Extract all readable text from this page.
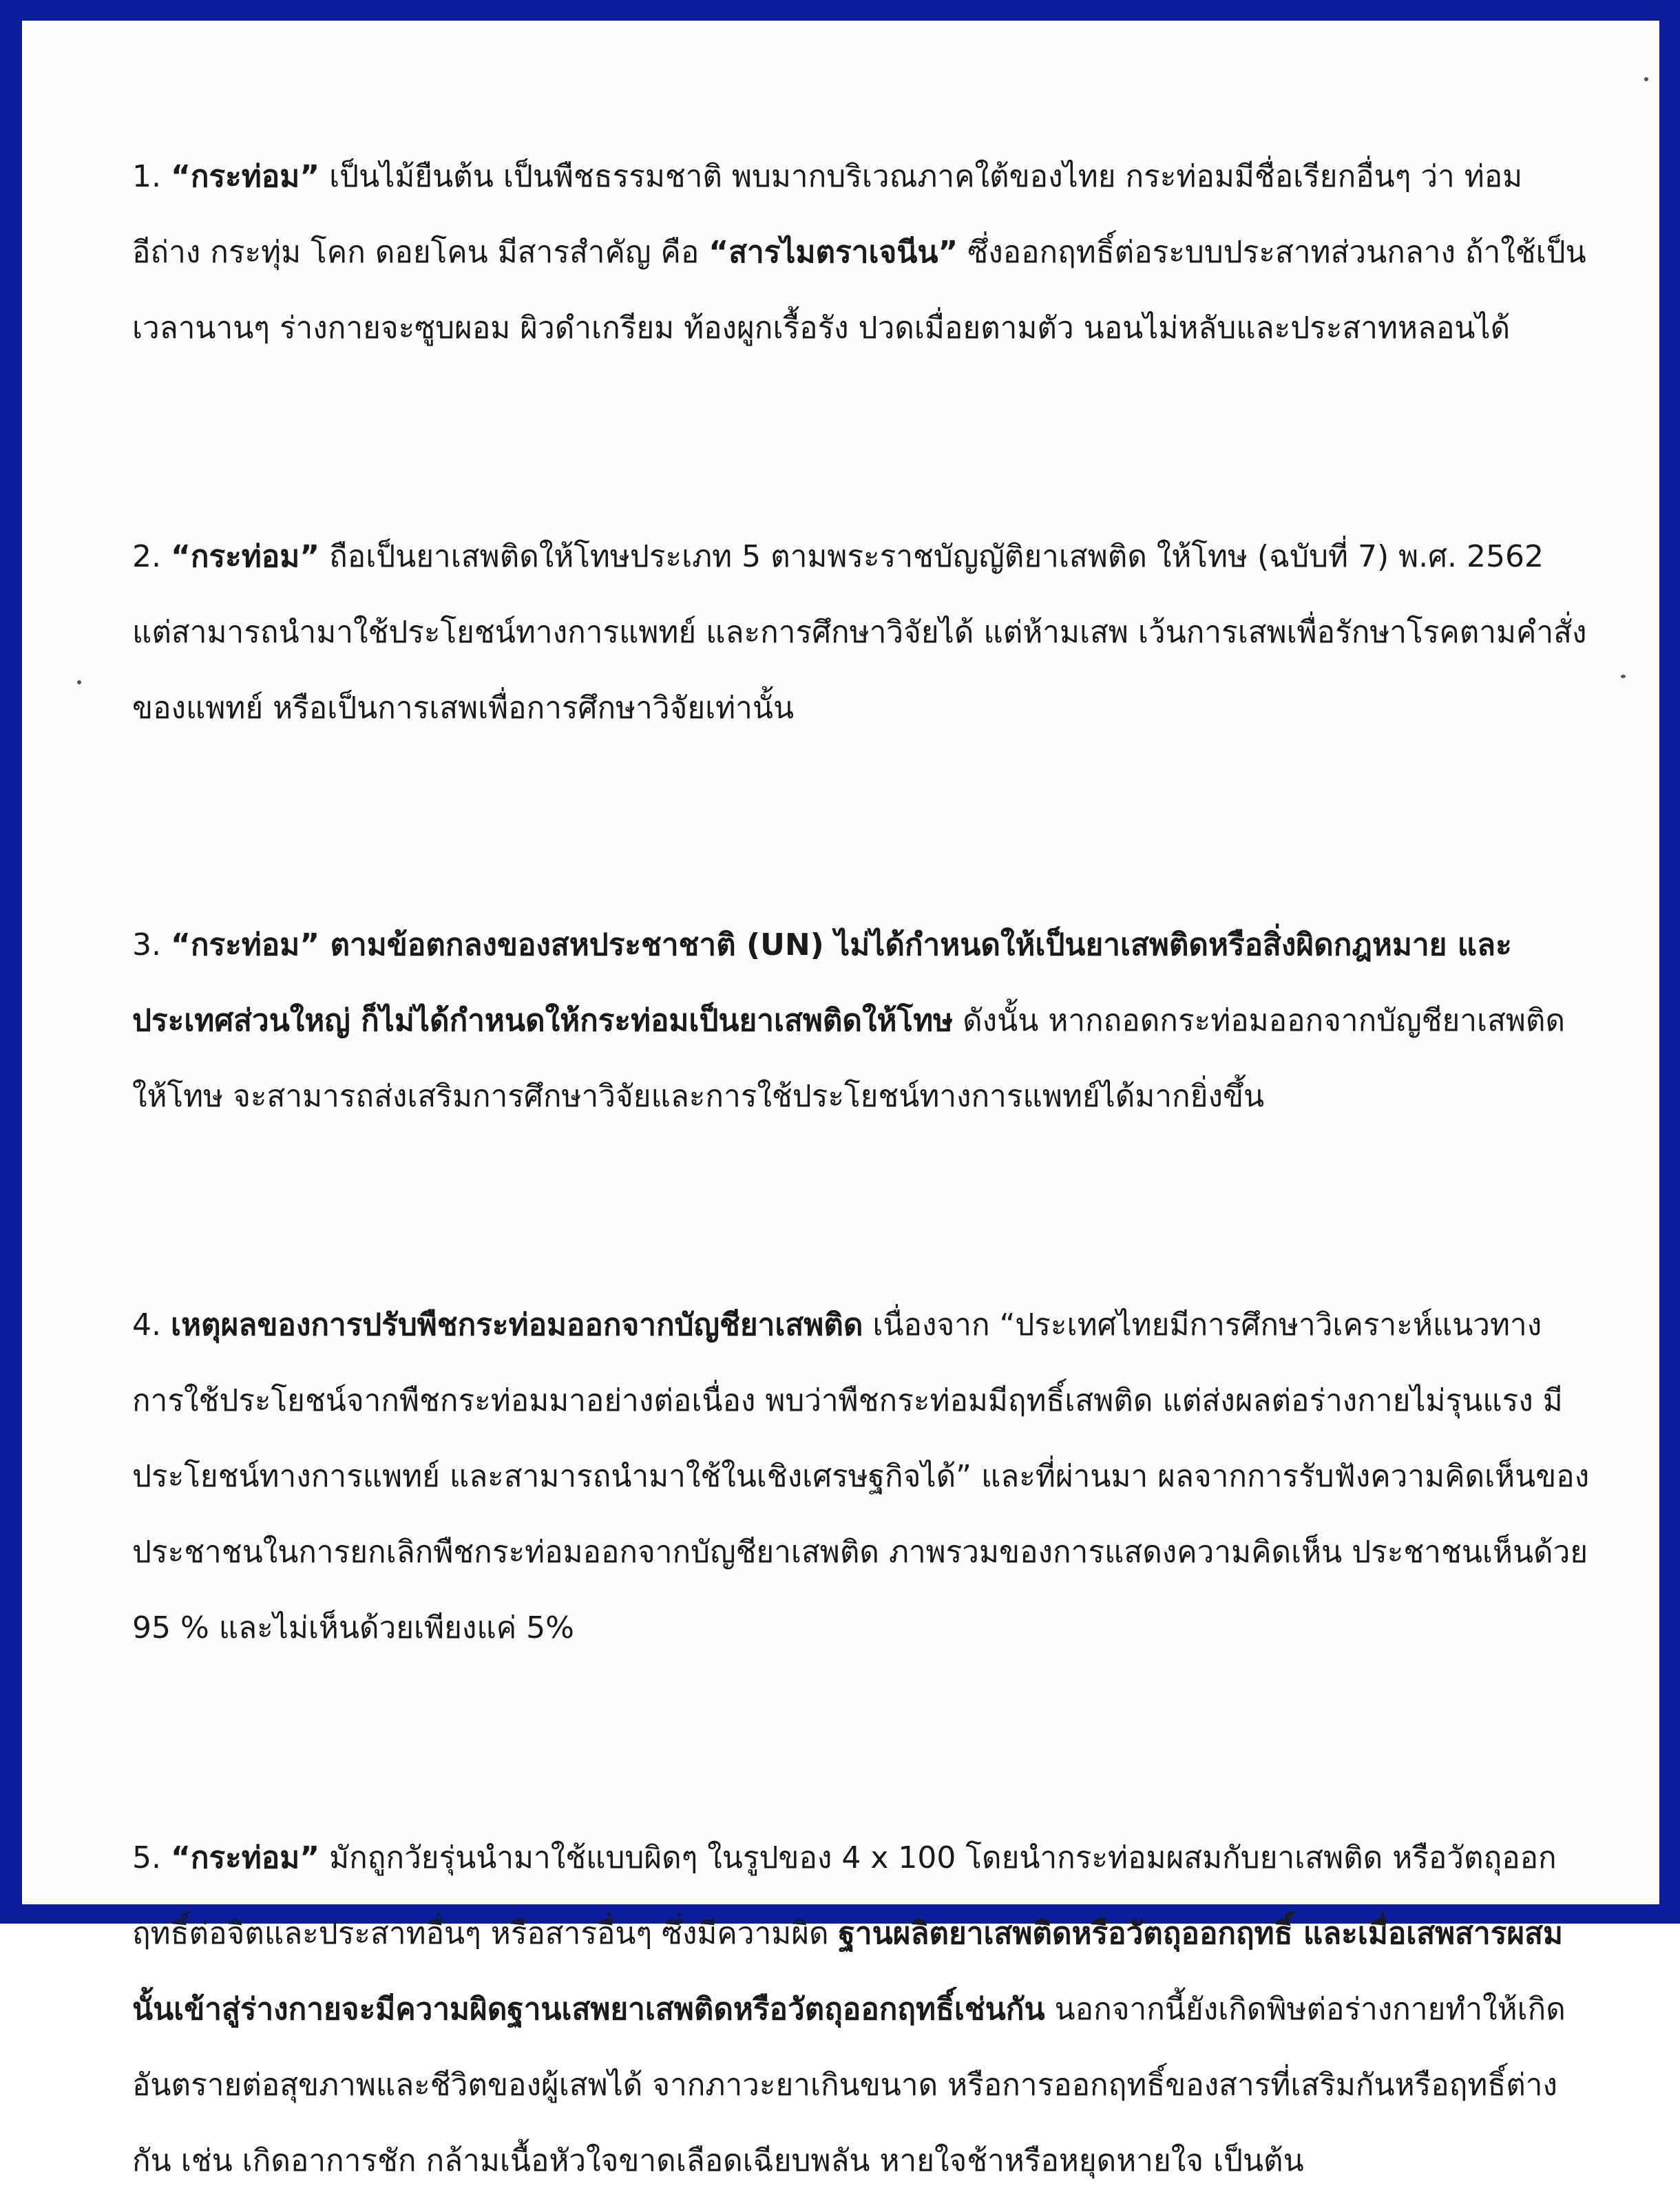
1. “กระท่อม” เป็นไม้ยืนต้น เป็นพืชธรรมชาติ พบมากบริเวณภาคใต้ของไทย กระท่อมมีชื่อเรียกอื่นๆ ว่า ท่อม อีถ่าง กระทุ่ม โคก ดอยโคน มีสารสำคัญ คือ “สารไมตราเจนีน” ซึ่งออกฤทธิ์ต่อระบบประสาทส่วนกลาง ถ้าใช้เป็นเวลานานๆ ร่างกายจะซูบผอม ผิวดำเกรียม ท้องผูกเรื้อรัง ปวดเมื่อยตามตัว นอนไม่หลับและประสาทหลอนได้

2. “กระท่อม” ถือเป็นยาเสพติดให้โทษประเภท 5 ตามพระราชบัญญัติยาเสพติด ให้โทษ (ฉบับที่ 7) พ.ศ. 2562 แต่สามารถนำมาใช้ประโยชน์ทางการแพทย์ และการศึกษาวิจัยได้ แต่ห้ามเสพ เว้นการเสพเพื่อรักษาโรคตามคำสั่งของแพทย์ หรือเป็นการเสพเพื่อการศึกษาวิจัยเท่านั้น

3. “กระท่อม” ตามข้อตกลงของสหประชาชาติ (UN) ไม่ได้กำหนดให้เป็นยาเสพติดหรือสิ่งผิดกฎหมาย และประเทศส่วนใหญ่ ก็ไม่ได้กำหนดให้กระท่อมเป็นยาเสพติดให้โทษ ดังนั้น หากถอดกระท่อมออกจากบัญชียาเสพติดให้โทษ จะสามารถส่งเสริมการศึกษาวิจัยและการใช้ประโยชน์ทางการแพทย์ได้มากยิ่งขึ้น

4. เหตุผลของการปรับพืชกระท่อมออกจากบัญชียาเสพติด เนื่องจาก “ประเทศไทยมีการศึกษาวิเคราะห์แนวทาง การใช้ประโยชน์จากพืชกระท่อมมาอย่างต่อเนื่อง พบว่าพืชกระท่อมมีฤทธิ์เสพติด แต่ส่งผลต่อร่างกายไม่รุนแรง มีประโยชน์ทางการแพทย์ และสามารถนำมาใช้ในเชิงเศรษฐกิจได้” และที่ผ่านมา ผลจากการรับฟังความคิดเห็นของประชาชนในการยกเลิกพืชกระท่อมออกจากบัญชียาเสพติด ภาพรวมของการแสดงความคิดเห็น ประชาชนเห็นด้วย 95 % และไม่เห็นด้วยเพียงแค่ 5%

5. “กระท่อม” มักถูกวัยรุ่นนำมาใช้แบบผิดๆ ในรูปของ 4 x 100 โดยนำกระท่อมผสมกับยาเสพติด หรือวัตถุออกฤทธิ์ต่อจิตและประสาทอื่นๆ หรือสารอื่นๆ ซึ่งมีความผิด ฐานผลิตยาเสพติดหรือวัตถุออกฤทธิ์ และเมื่อเสพสารผสมนั้นเข้าสู่ร่างกายจะมีความผิดฐานเสพยาเสพติดหรือวัตถุออกฤทธิ์เช่นกัน นอกจากนี้ยังเกิดพิษต่อร่างกายทำให้เกิดอันตรายต่อสุขภาพและชีวิตของผู้เสพได้ จากภาวะยาเกินขนาด หรือการออกฤทธิ์ของสารที่เสริมกันหรือฤทธิ์ต่างกัน เช่น เกิดอาการชัก กล้ามเนื้อหัวใจขาดเลือดเฉียบพลัน หายใจช้าหรือหยุดหายใจ เป็นต้น
